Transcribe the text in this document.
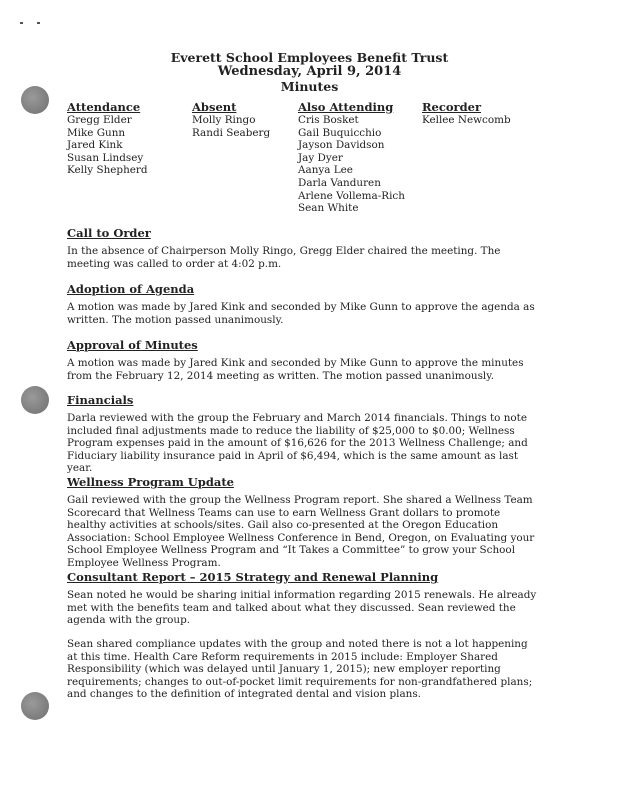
Everett School Employees Benefit Trust
Wednesday, April 9, 2014
Minutes
Attendance
Gregg Elder
Mike Gunn
Jared Kink
Susan Lindsey
Kelly Shepherd
Absent
Molly Ringo
Randi Seaberg
Also Attending
Cris Bosket
Gail Buquicchio
Jayson Davidson
Jay Dyer
Aanya Lee
Darla Vanduren
Arlene Vollema-Rich
Sean White
Recorder
Kellee Newcomb
Call to Order

In the absence of Chairperson Molly Ringo, Gregg Elder chaired the meeting. The meeting was called to order at 4:02 p.m.

Adoption of Agenda

A motion was made by Jared Kink and seconded by Mike Gunn to approve the agenda as written. The motion passed unanimously.

Approval of Minutes

A motion was made by Jared Kink and seconded by Mike Gunn to approve the minutes from the February 12, 2014 meeting as written. The motion passed unanimously.

Financials

Darla reviewed with the group the February and March 2014 financials. Things to note included final adjustments made to reduce the liability of $25,000 to $0.00; Wellness Program expenses paid in the amount of $16,626 for the 2013 Wellness Challenge; and Fiduciary liability insurance paid in April of $6,494, which is the same amount as last year.

Wellness Program Update

Gail reviewed with the group the Wellness Program report. She shared a Wellness Team Scorecard that Wellness Teams can use to earn Wellness Grant dollars to promote healthy activities at schools/sites. Gail also co-presented at the Oregon Education Association: School Employee Wellness Conference in Bend, Oregon, on Evaluating your School Employee Wellness Program and “It Takes a Committee” to grow your School Employee Wellness Program.

Consultant Report – 2015 Strategy and Renewal Planning

Sean noted he would be sharing initial information regarding 2015 renewals. He already met with the benefits team and talked about what they discussed. Sean reviewed the agenda with the group.

Sean shared compliance updates with the group and noted there is not a lot happening at this time. Health Care Reform requirements in 2015 include: Employer Shared Responsibility (which was delayed until January 1, 2015); new employer reporting requirements; changes to out-of-pocket limit requirements for non-grandfathered plans; and changes to the definition of integrated dental and vision plans.
